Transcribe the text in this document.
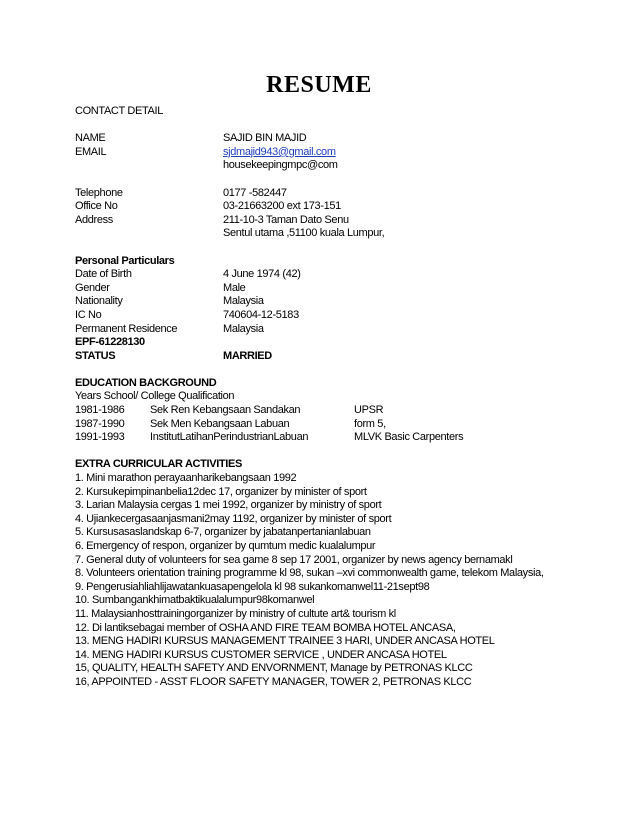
RESUME
CONTACT DETAIL
NAME	SAJID BIN MAJID
EMAIL	sjdmajid943@gmail.com
housekeepingmpc@com
Telephone	0177 -582447
Office No	03-21663200 ext 173-151
Address	211-10-3 Taman Dato Senu
Sentul utama ,51100 kuala Lumpur,
Personal Particulars
Date of Birth	4 June 1974 (42)
Gender	Male
Nationality	Malaysia
IC No	740604-12-5183
Permanent Residence	Malaysia
EPF-61228130
STATUS	MARRIED
EDUCATION BACKGROUND
Years School/ College Qualification
1981-1986 Sek Ren Kebangsaan Sandakan	UPSR
1987-1990 Sek Men Kebangsaan Labuan	form 5,
1991-1993 InstitutLatihanPerindustrianLabuan	MLVK Basic Carpenters
EXTRA CURRICULAR ACTIVITIES
1. Mini marathon perayaanharikebangsaan 1992
2. Kursukepimpinanbelia12dec 17, organizer by minister of sport
3. Larian Malaysia cergas 1 mei 1992, organizer by ministry of sport
4. Ujiankecergasaanjasmani2may 1192, organizer by minister of sport
5. Kursusasaslandskap 6-7, organizer by jabatanpertanianlabuan
6. Emergency of respon, organizer by qumtum medic kualalumpur
7. General duty of volunteers for sea game 8 sep 17 2001, organizer by news agency bernamakl
8. Volunteers orientation training programme kl 98, sukan –xvi commonwealth game, telekom Malaysia,
9. Pengerusiahliahlijawatankuasapengelola kl 98 sukankomanwel11-21sept98
10. Sumbangankhimatbaktikualalumpur98komanwel
11. Malaysianhosttrainingorganizer by ministry of cultute art& tourism kl
12. Di lantiksebagai member of OSHA AND FIRE TEAM BOMBA HOTEL ANCASA,
13. MENG HADIRI KURSUS MANAGEMENT TRAINEE 3 HARI, UNDER ANCASA HOTEL
14. MENG HADIRI KURSUS CUSTOMER SERVICE , UNDER ANCASA HOTEL
15, QUALITY, HEALTH SAFETY AND ENVORNMENT, Manage by PETRONAS KLCC
16, APPOINTED - ASST FLOOR SAFETY MANAGER, TOWER 2, PETRONAS KLCC
